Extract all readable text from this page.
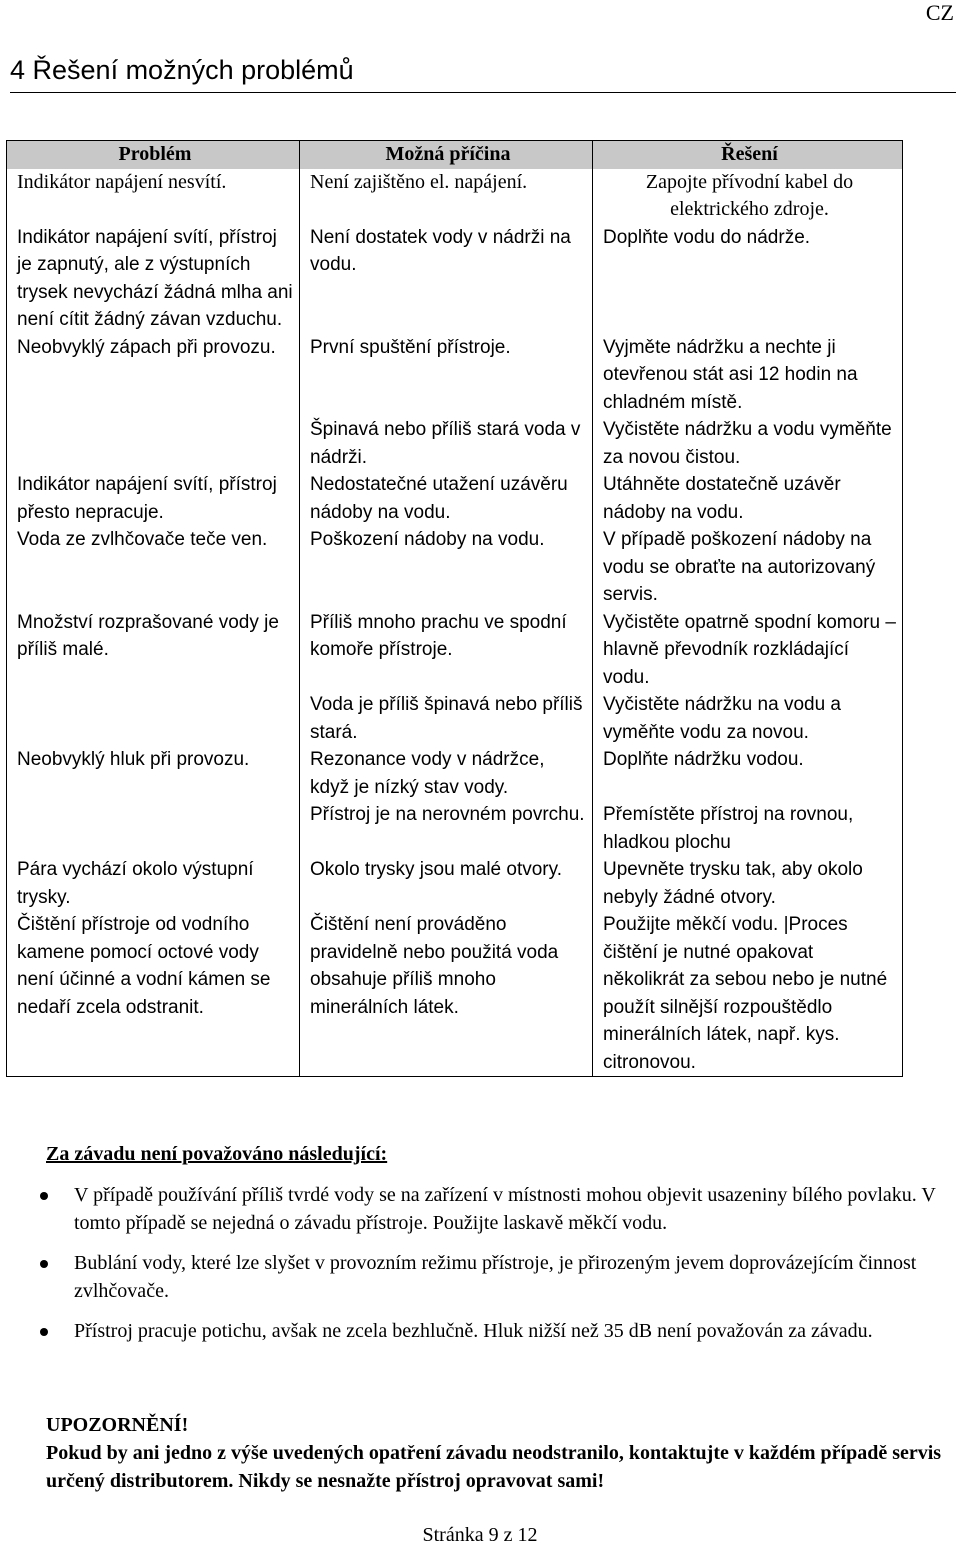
CZ
4 Řešení možných problémů
Problém	Možná příčina	Řešení
Indikátor napájení nesvítí.	Není zajištěno el. napájení.	Zapojte přívodní kabel do elektrického zdroje.
Indikátor napájení svítí, přístroj je zapnutý, ale z výstupních trysek nevychází žádná mlha ani není cítit žádný závan vzduchu.	Není dostatek vody v nádrži na vodu.	Doplňte vodu do nádrže.
Neobvyklý zápach při provozu.	První spuštění přístroje.	Vyjměte nádržku a nechte ji otevřenou stát asi 12 hodin na chladném místě.
	Špinavá nebo příliš stará voda v nádrži.	Vyčistěte nádržku a vodu vyměňte za novou čistou.
Indikátor napájení svítí, přístroj přesto nepracuje.	Nedostatečné utažení uzávěru nádoby na vodu.	Utáhněte dostatečně uzávěr nádoby na vodu.
Voda ze zvlhčovače teče ven.	Poškození nádoby na vodu.	V případě poškození nádoby na vodu se obraťte na autorizovaný servis.
Množství rozprašované vody je příliš malé.	Příliš mnoho prachu ve spodní komoře přístroje.	Vyčistěte opatrně spodní komoru – hlavně převodník rozkládající vodu.
	Voda je příliš špinavá nebo příliš stará.	Vyčistěte nádržku na vodu a vyměňte vodu za novou.
Neobvyklý hluk při provozu.	Rezonance vody v nádržce, když je nízký stav vody.	Doplňte nádržku vodou.
	Přístroj je na nerovném povrchu.	Přemístěte přístroj na rovnou, hladkou plochu
Pára vychází okolo výstupní trysky.	Okolo trysky jsou malé otvory.	Upevněte trysku tak, aby okolo nebyly žádné otvory.
Čištění přístroje od vodního kamene pomocí octové vody není účinné a vodní kámen se nedaří zcela odstranit.	Čištění není prováděno pravidelně nebo použitá voda obsahuje příliš mnoho minerálních látek.	Použijte měkčí vodu. |Proces čištění je nutné opakovat několikrát za sebou nebo je nutné použít silnější rozpouštědlo minerálních látek, např. kys. citronovou.
Za závadu není považováno následující:
V případě používání příliš tvrdé vody se na zařízení v místnosti mohou objevit usazeniny bílého povlaku. V tomto případě se nejedná o závadu přístroje. Použijte laskavě měkčí vodu.
Bublání vody, které lze slyšet v provozním režimu přístroje, je přirozeným jevem doprovázejícím činnost zvlhčovače.
Přístroj pracuje potichu, avšak ne zcela bezhlučně. Hluk nižší než 35 dB není považován za závadu.
UPOZORNĚNÍ!
Pokud by ani jedno z výše uvedených opatření závadu neodstranilo, kontaktujte v každém případě servis určený distributorem. Nikdy se nesnažte přístroj opravovat sami!
Stránka 9 z 12
